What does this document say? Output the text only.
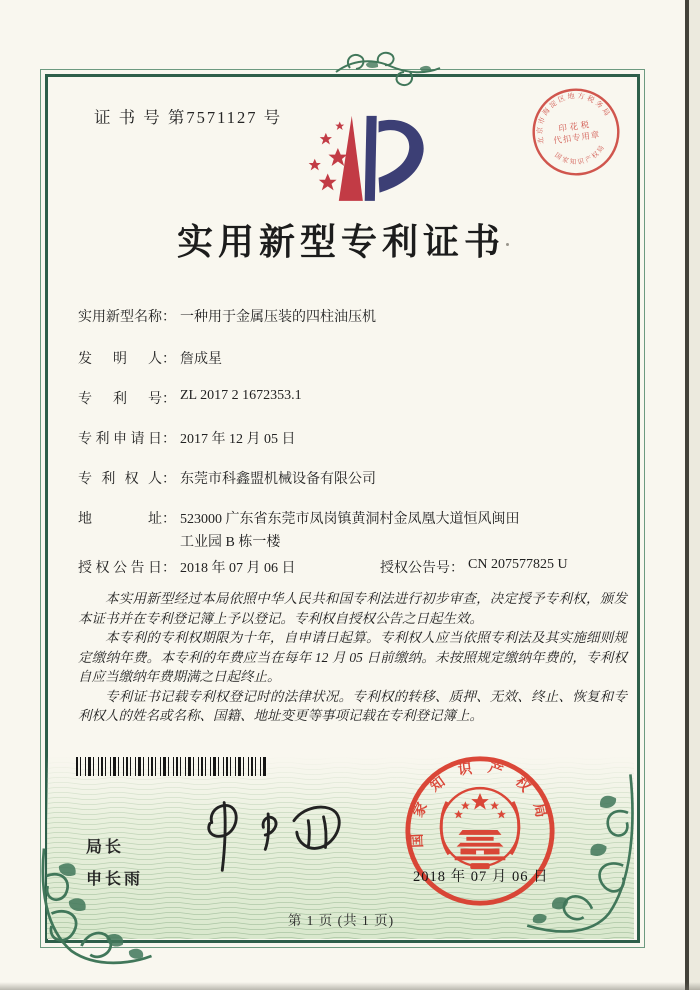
证 书 号 第7571127 号
北京市海淀区地方税务局
国家知识产权局
印花税
代扣专用章
实用新型专利证书
实用新型名称： 一种用于金属压装的四柱油压机
发明人： 詹成星
专利号： ZL 2017 2 1672353.1
专利申请日： 2017 年 12 月 05 日
专利权人： 东莞市科鑫盟机械设备有限公司
地址： 523000 广东省东莞市凤岗镇黄洞村金凤凰大道恒风闽田
工业园 B 栋一楼
授权公告日： 2018 年 07 月 06 日	授权公告号： CN 207577825 U

本实用新型经过本局依照中华人民共和国专利法进行初步审查，决定授予专利权，颁发本证书并在专利登记簿上予以登记。专利权自授权公告之日起生效。

本专利的专利权期限为十年，自申请日起算。专利权人应当依照专利法及其实施细则规定缴纳年费。本专利的年费应当在每年 12 月 05 日前缴纳。未按照规定缴纳年费的，专利权自应当缴纳年费期满之日起终止。

专利证书记载专利权登记时的法律状况。专利权的转移、质押、无效、终止、恢复和专利权人的姓名或名称、国籍、地址变更等事项记载在专利登记簿上。

局长
申长雨
国家知识产权局
2018 年 07 月 06 日
第 1 页 (共 1 页)
